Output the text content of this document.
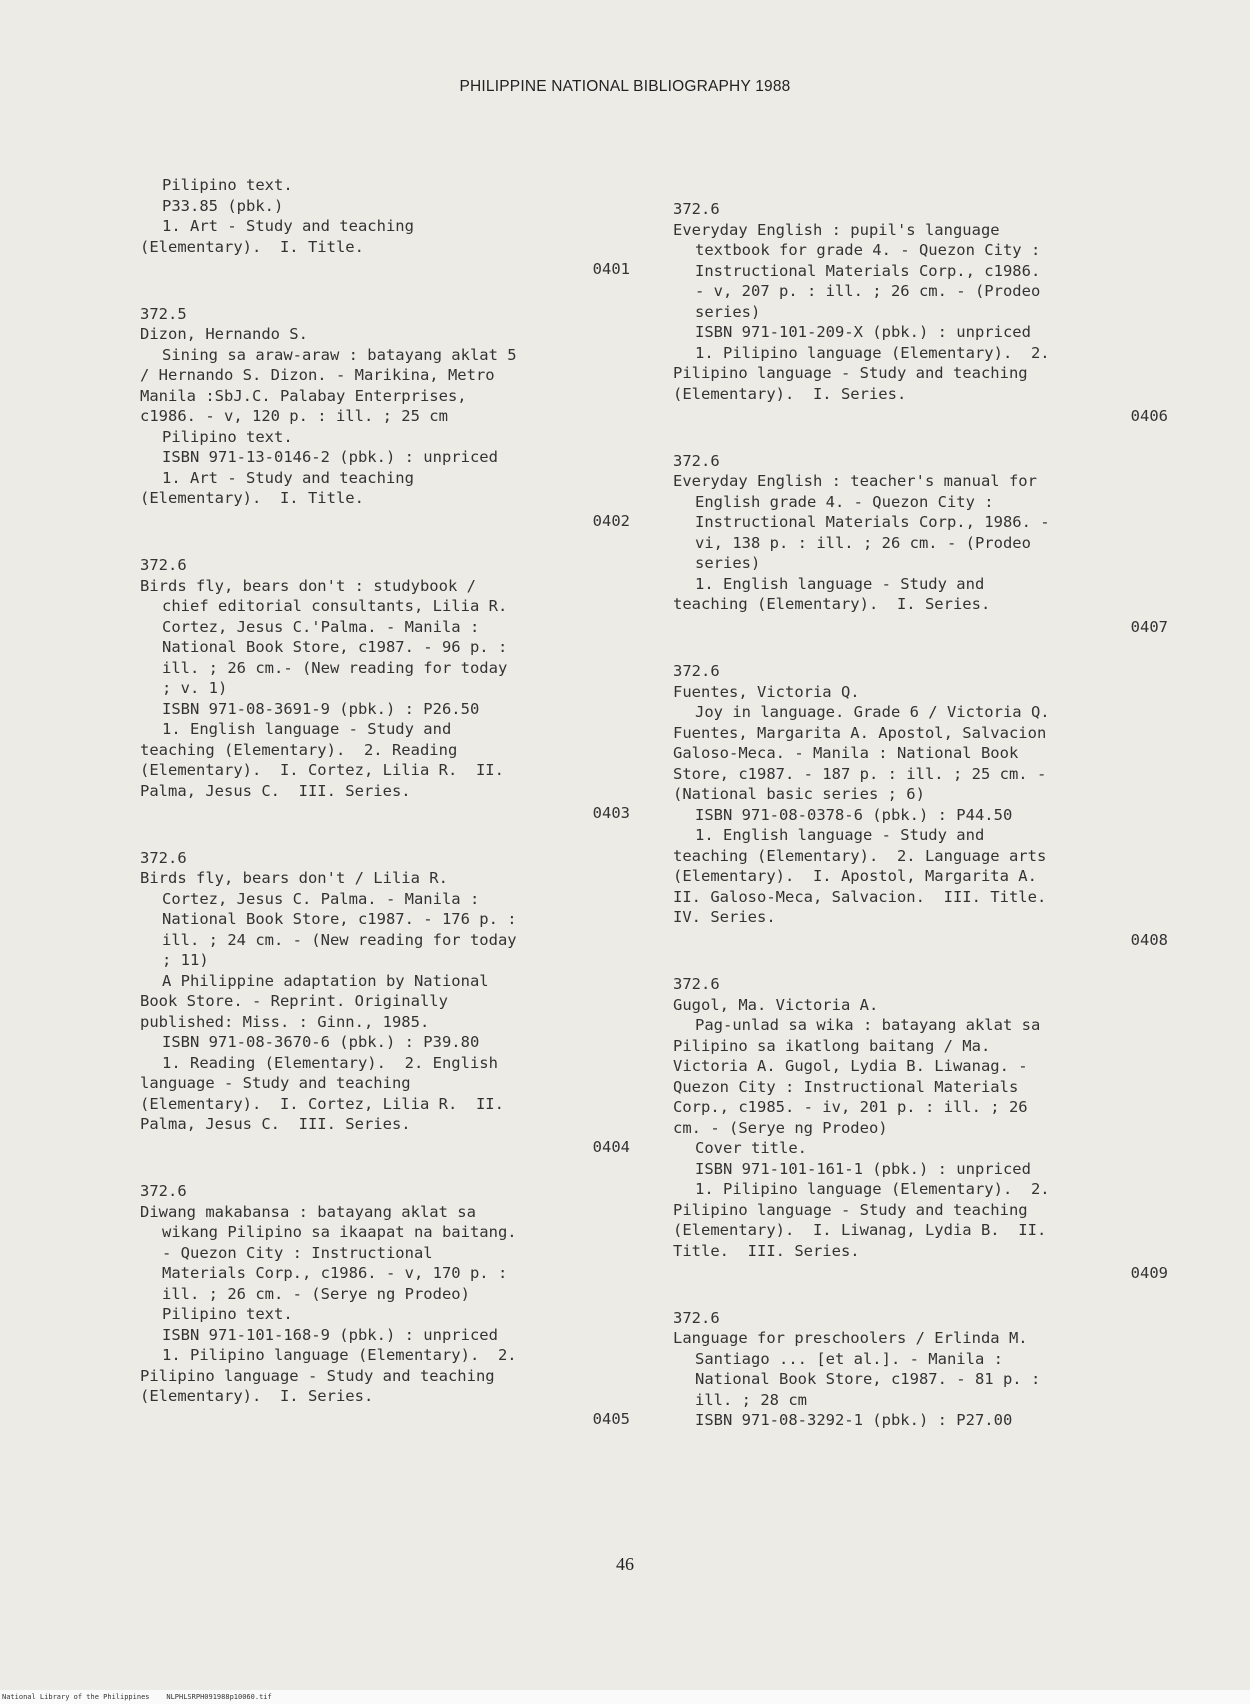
PHILIPPINE NATIONAL BIBLIOGRAPHY 1988
Pilipino text.
P33.85 (pbk.)
1. Art - Study and teaching
(Elementary).  I. Title.
0401
372.5
Dizon, Hernando S.
Sining sa araw-araw : batayang aklat 5
/ Hernando S. Dizon. - Marikina, Metro
Manila :SbJ.C. Palabay Enterprises,
c1986. - v, 120 p. : ill. ; 25 cm
Pilipino text.
ISBN 971-13-0146-2 (pbk.) : unpriced
1. Art - Study and teaching
(Elementary).  I. Title.
0402
372.6
Birds fly, bears don't : studybook /
chief editorial consultants, Lilia R.
Cortez, Jesus C.'Palma. - Manila :
National Book Store, c1987. - 96 p. :
ill. ; 26 cm.- (New reading for today
; v. 1)
ISBN 971-08-3691-9 (pbk.) : P26.50
1. English language - Study and
teaching (Elementary).  2. Reading
(Elementary).  I. Cortez, Lilia R.  II.
Palma, Jesus C.  III. Series.
0403
372.6
Birds fly, bears don't / Lilia R.
Cortez, Jesus C. Palma. - Manila :
National Book Store, c1987. - 176 p. :
ill. ; 24 cm. - (New reading for today
; 11)
A Philippine adaptation by National
Book Store. - Reprint. Originally
published: Miss. : Ginn., 1985.
ISBN 971-08-3670-6 (pbk.) : P39.80
1. Reading (Elementary).  2. English
language - Study and teaching
(Elementary).  I. Cortez, Lilia R.  II.
Palma, Jesus C.  III. Series.
0404
372.6
Diwang makabansa : batayang aklat sa
wikang Pilipino sa ikaapat na baitang.
- Quezon City : Instructional
Materials Corp., c1986. - v, 170 p. :
ill. ; 26 cm. - (Serye ng Prodeo)
Pilipino text.
ISBN 971-101-168-9 (pbk.) : unpriced
1. Pilipino language (Elementary).  2.
Pilipino language - Study and teaching
(Elementary).  I. Series.
0405
372.6
Everyday English : pupil's language
textbook for grade 4. - Quezon City :
Instructional Materials Corp., c1986.
- v, 207 p. : ill. ; 26 cm. - (Prodeo
series)
ISBN 971-101-209-X (pbk.) : unpriced
1. Pilipino language (Elementary).  2.
Pilipino language - Study and teaching
(Elementary).  I. Series.
0406
372.6
Everyday English : teacher's manual for
English grade 4. - Quezon City :
Instructional Materials Corp., 1986. -
vi, 138 p. : ill. ; 26 cm. - (Prodeo
series)
1. English language - Study and
teaching (Elementary).  I. Series.
0407
372.6
Fuentes, Victoria Q.
Joy in language. Grade 6 / Victoria Q.
Fuentes, Margarita A. Apostol, Salvacion
Galoso-Meca. - Manila : National Book
Store, c1987. - 187 p. : ill. ; 25 cm. -
(National basic series ; 6)
ISBN 971-08-0378-6 (pbk.) : P44.50
1. English language - Study and
teaching (Elementary).  2. Language arts
(Elementary).  I. Apostol, Margarita A.
II. Galoso-Meca, Salvacion.  III. Title.
IV. Series.
0408
372.6
Gugol, Ma. Victoria A.
Pag-unlad sa wika : batayang aklat sa
Pilipino sa ikatlong baitang / Ma.
Victoria A. Gugol, Lydia B. Liwanag. -
Quezon City : Instructional Materials
Corp., c1985. - iv, 201 p. : ill. ; 26
cm. - (Serye ng Prodeo)
Cover title.
ISBN 971-101-161-1 (pbk.) : unpriced
1. Pilipino language (Elementary).  2.
Pilipino language - Study and teaching
(Elementary).  I. Liwanag, Lydia B.  II.
Title.  III. Series.
0409
372.6
Language for preschoolers / Erlinda M.
Santiago ... [et al.]. - Manila :
National Book Store, c1987. - 81 p. :
ill. ; 28 cm
ISBN 971-08-3292-1 (pbk.) : P27.00
46
National Library of the Philippines    NLPHLSRPH091988p10060.tif
